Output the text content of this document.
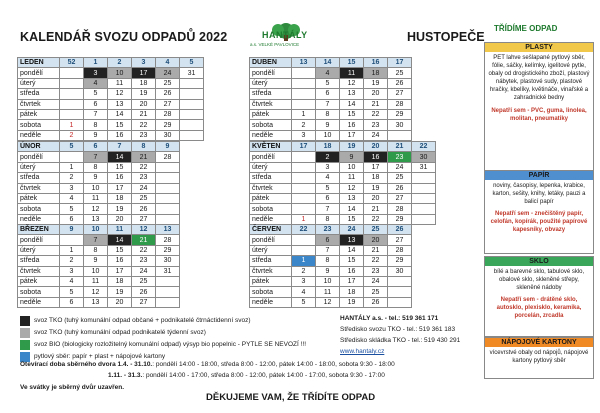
KALENDÁŘ SVOZU ODPADŮ 2022	HANTÁLY
a.s. VELKÉ PAVLOVICE
HUSTOPEČE
TŘÍDÍME ODPAD
LEDEN	52	1	2	3	4	5
pondělí		3	10	17	24	31
úterý		4	11	18	25	
středa		5	12	19	26	
čtvrtek		6	13	20	27	
pátek		7	14	21	28	
sobota	1	8	15	22	29	
neděle	2	9	16	23	30	
ÚNOR	5	6	7	8	9
pondělí		7	14	21	28
úterý	1	8	15	22	
středa	2	9	16	23	
čtvrtek	3	10	17	24	
pátek	4	11	18	25	
sobota	5	12	19	26	
neděle	6	13	20	27	
BŘEZEN	9	10	11	12	13
pondělí		7	14	21	28
úterý	1	8	15	22	29
středa	2	9	16	23	30
čtvrtek	3	10	17	24	31
pátek	4	11	18	25	
sobota	5	12	19	26	
neděle	6	13	20	27	
DUBEN	13	14	15	16	17
pondělí		4	11	18	25
úterý		5	12	19	26
středa		6	13	20	27
čtvrtek		7	14	21	28
pátek	1	8	15	22	29
sobota	2	9	16	23	30
neděle	3	10	17	24	
KVĚTEN	17	18	19	20	21	22
pondělí		2	9	16	23	30
úterý		3	10	17	24	31
středa		4	11	18	25	
čtvrtek		5	12	19	26	
pátek		6	13	20	27	
sobota		7	14	21	28	
neděle	1	8	15	22	29	
ČERVEN	22	23	24	25	26
pondělí		6	13	20	27
úterý		7	14	21	28
středa	1	8	15	22	29
čtvrtek	2	9	16	23	30
pátek	3	10	17	24	
sobota	4	11	18	25	
neděle	5	12	19	26	
PLASTY
PET lahve sešlapané pytlový sběr, fólie, sáčky, kelímky, igelitové pytle, obaly od drogistického zboží, plastový nábytek, plastové sudy, plastové hračky, kbelíky, květináče, vinařské a zahradnické bedny
Nepatří sem - PVC, guma, linolea, molitan, pneumatiky
PAPÍR
noviny, časopisy, lepenka, krabice, karton, sešity, knihy, letáky, pauzi a balicí papír
Nepatří sem - znečištěný papír, celofán, kopírák, použité papírové kapesníky, obvazy
SKLO
bílé a barevné sklo, tabulové sklo, obalové sklo, skleněné střepy, skleněné nádoby
Nepatří sem - drátěné sklo, autosklo, plexisklo, keramika, porcelán, zrcadla
NÁPOJOVÉ KARTONY
vícevrstvé obaly od nápojů, nápojové kartony pytlový sběr
svoz TKO (tuhý komunální odpad občané + podnikatelé čtrnáctidenní svoz)
svoz TKO (tuhý komunální odpad podnikatelé týdenní svoz)
svoz BIO (biologicky rozložitelný komunální odpad) výsyp bio popelnic - PYTLE SE NEVOZÍ !!!
pytlový sběr: papír + plast + nápojové kartony
HANTÁLY a.s. - tel.: 519 361 171
Středisko svozu TKO - tel.: 519 361 183
Středisko skládka TKO - tel.: 519 430 291
www.hantaly.cz
Otevírací doba sběrného dvora 1.4. - 31.10.: pondělí 14:00 - 18:00, středa 8:00 - 12:00, pátek 14:00 - 18:00, sobota 9:30 - 18:00
1.11. - 31.3.: pondělí 14:00 - 17:00, středa 8:00 - 12:00, pátek 14:00 - 17:00, sobota 9:30 - 17:00
Ve svátky je sběrný dvůr uzavřen.
DĚKUJEME VAM, ŽE TŘÍDÍTE ODPAD
